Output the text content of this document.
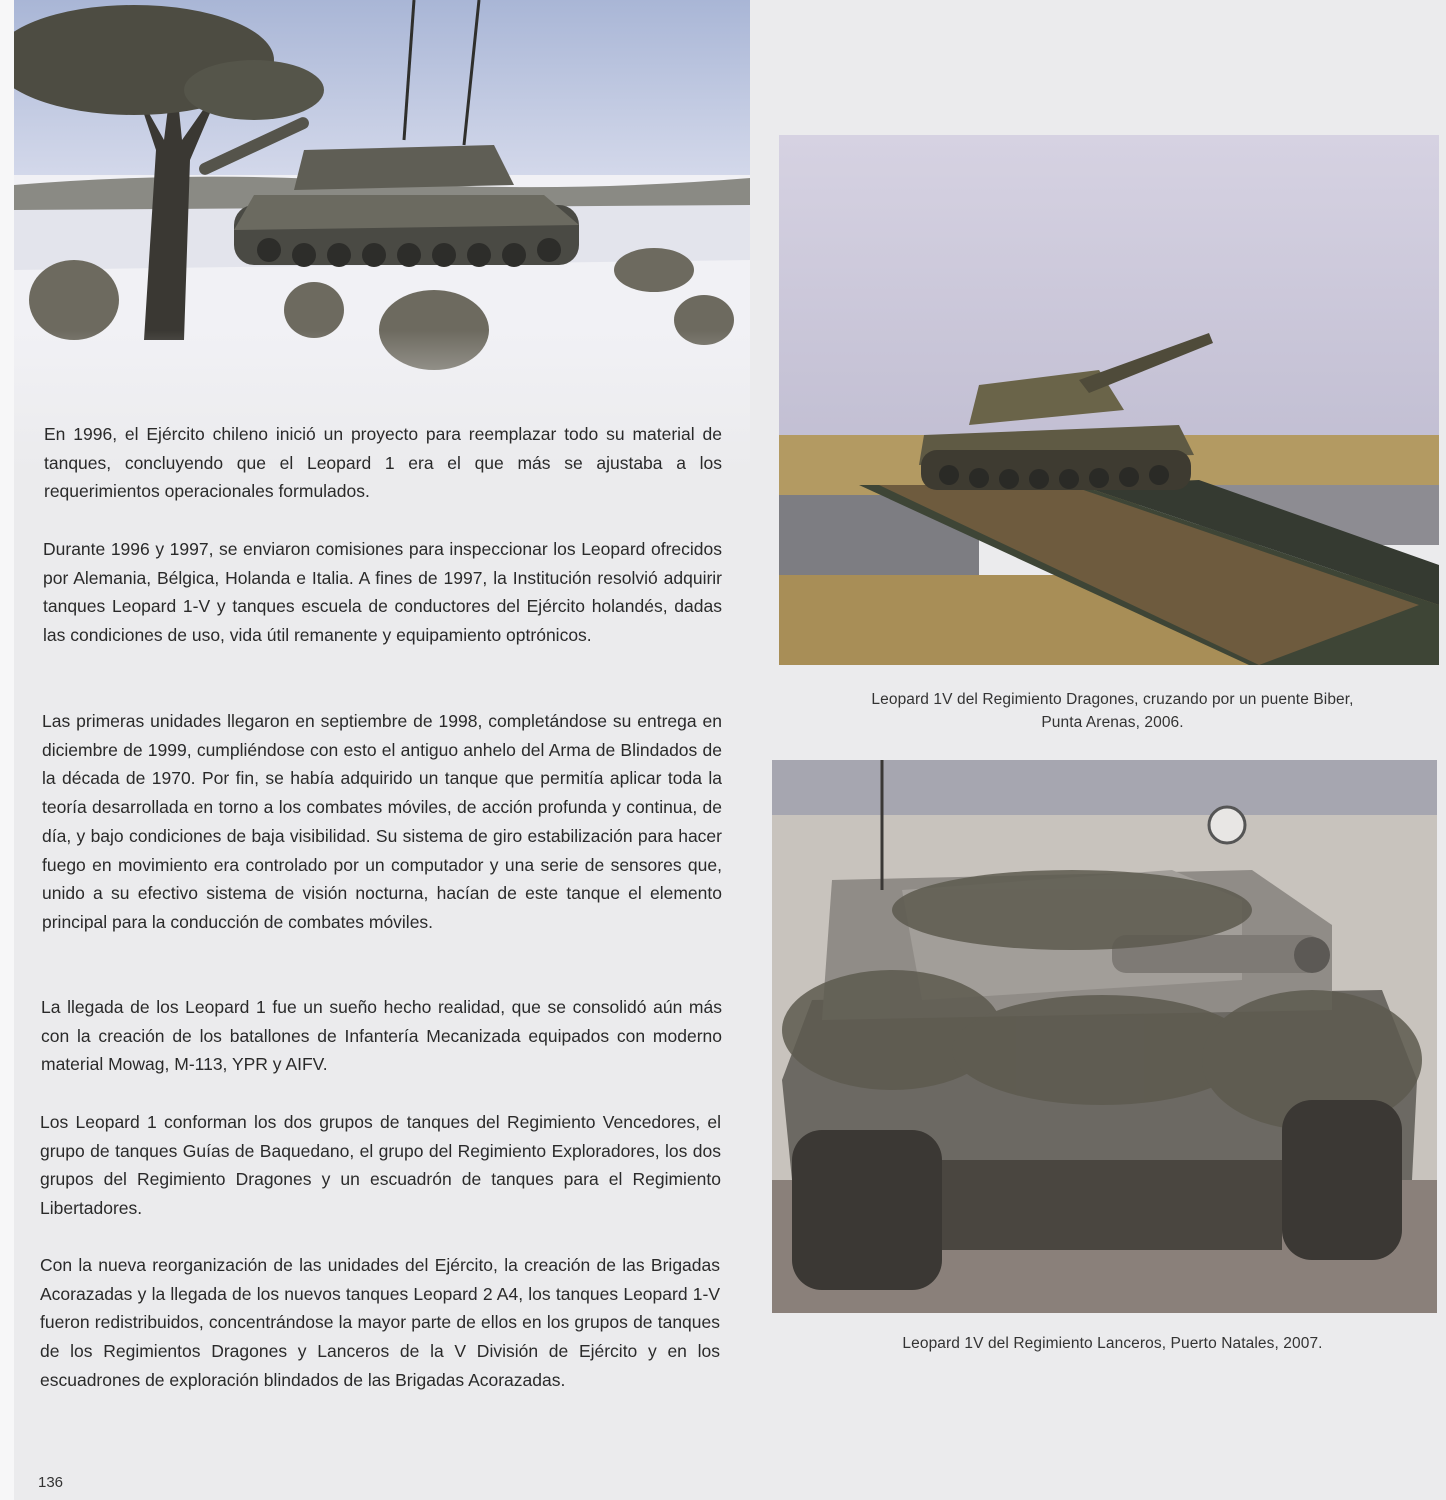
En 1996, el Ejército chileno inició un proyecto para reemplazar todo su material de tanques, concluyendo que el Leopard 1 era el que más se ajustaba a los requerimientos operacionales formulados.

Durante 1996 y 1997, se enviaron comisiones para inspeccionar los Leopard ofrecidos por Alemania, Bélgica, Holanda e Italia. A fines de 1997, la Institución resolvió adquirir tanques Leopard 1-V y tanques escuela de conductores del Ejército holandés, dadas las condiciones de uso, vida útil remanente y equipamiento optrónicos.

Las primeras unidades llegaron en septiembre de 1998, completándose su entrega en diciembre de 1999, cumpliéndose con esto el antiguo anhelo del Arma de Blindados de la década de 1970. Por fin, se había adquirido un tanque que permitía aplicar toda la teoría desarrollada en torno a los combates móviles, de acción profunda y continua, de día, y bajo condiciones de baja visibilidad. Su sistema de giro estabilización para hacer fuego en movimiento era controlado por un computador y una serie de sensores que, unido a su efectivo sistema de visión nocturna, hacían de este tanque el elemento principal para la conducción de combates móviles.

La llegada de los Leopard 1 fue un sueño hecho realidad, que se consolidó aún más con la creación de los batallones de Infantería Mecanizada equipados con moderno material Mowag, M-113, YPR y AIFV.

Los Leopard 1 conforman los dos grupos de tanques del Regimiento Vencedores, el grupo de tanques Guías de Baquedano, el grupo del Regimiento Exploradores, los dos grupos del Regimiento Dragones y un escuadrón de tanques para el Regimiento Libertadores.

Con la nueva reorganización de las unidades del Ejército, la creación de las Brigadas Acorazadas y la llegada de los nuevos tanques Leopard 2 A4, los tanques Leopard 1-V fueron redistribuidos, concentrándose la mayor parte de ellos en los grupos de tanques de los Regimientos Dragones y Lanceros de la V División de Ejército y en los escuadrones de exploración blindados de las Brigadas Acorazadas.

Leopard 1V del Regimiento Dragones, cruzando por un puente Biber,
Punta Arenas, 2006.
Leopard 1V del Regimiento Lanceros, Puerto Natales, 2007.
136
